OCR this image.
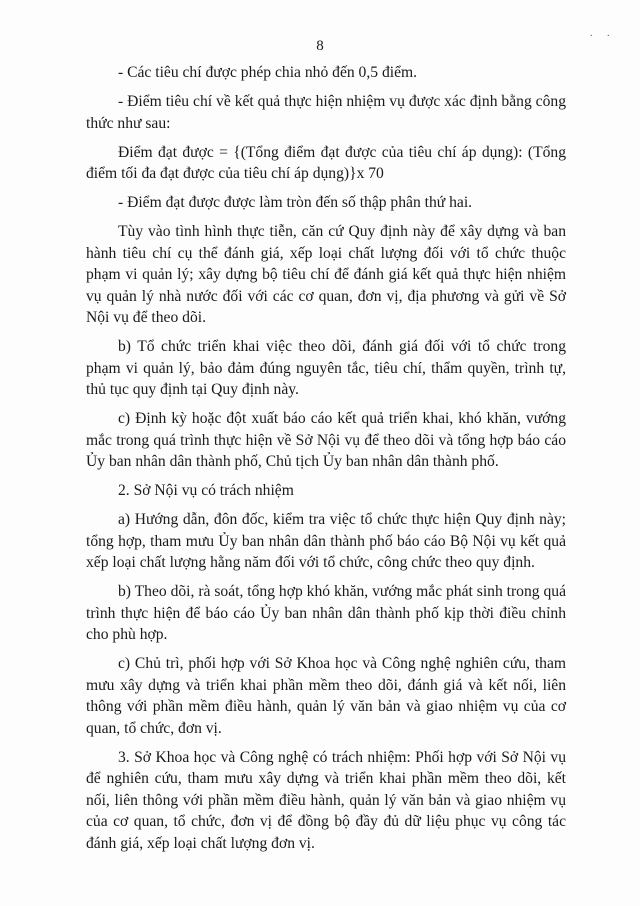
8
. .

- Các tiêu chí được phép chia nhỏ đến 0,5 điểm.

- Điểm tiêu chí về kết quả thực hiện nhiệm vụ được xác định bằng công thức như sau:

Điểm đạt được = {(Tổng điểm đạt được của tiêu chí áp dụng): (Tổng điểm tối đa đạt được của tiêu chí áp dụng)}x 70

- Điểm đạt được được làm tròn đến số thập phân thứ hai.

Tùy vào tình hình thực tiễn, căn cứ Quy định này để xây dựng và ban hành tiêu chí cụ thể đánh giá, xếp loại chất lượng đối với tổ chức thuộc phạm vi quản lý; xây dựng bộ tiêu chí để đánh giá kết quả thực hiện nhiệm vụ quản lý nhà nước đối với các cơ quan, đơn vị, địa phương và gửi về Sở Nội vụ để theo dõi.

b) Tổ chức triển khai việc theo dõi, đánh giá đối với tổ chức trong phạm vi quản lý, bảo đảm đúng nguyên tắc, tiêu chí, thẩm quyền, trình tự, thủ tục quy định tại Quy định này.

c) Định kỳ hoặc đột xuất báo cáo kết quả triển khai, khó khăn, vướng mắc trong quá trình thực hiện về Sở Nội vụ để theo dõi và tổng hợp báo cáo Ủy ban nhân dân thành phố, Chủ tịch Ủy ban nhân dân thành phố.

2. Sở Nội vụ có trách nhiệm

a) Hướng dẫn, đôn đốc, kiểm tra việc tổ chức thực hiện Quy định này; tổng hợp, tham mưu Ủy ban nhân dân thành phố báo cáo Bộ Nội vụ kết quả xếp loại chất lượng hằng năm đối với tổ chức, công chức theo quy định.

b) Theo dõi, rà soát, tổng hợp khó khăn, vướng mắc phát sinh trong quá trình thực hiện để báo cáo Ủy ban nhân dân thành phố kịp thời điều chỉnh cho phù hợp.

c) Chủ trì, phối hợp với Sở Khoa học và Công nghệ nghiên cứu, tham mưu xây dựng và triển khai phần mềm theo dõi, đánh giá và kết nối, liên thông với phần mềm điều hành, quản lý văn bản và giao nhiệm vụ của cơ quan, tổ chức, đơn vị.

3. Sở Khoa học và Công nghệ có trách nhiệm: Phối hợp với Sở Nội vụ để nghiên cứu, tham mưu xây dựng và triển khai phần mềm theo dõi, kết nối, liên thông với phần mềm điều hành, quản lý văn bản và giao nhiệm vụ của cơ quan, tổ chức, đơn vị để đồng bộ đầy đủ dữ liệu phục vụ công tác đánh giá, xếp loại chất lượng đơn vị.
